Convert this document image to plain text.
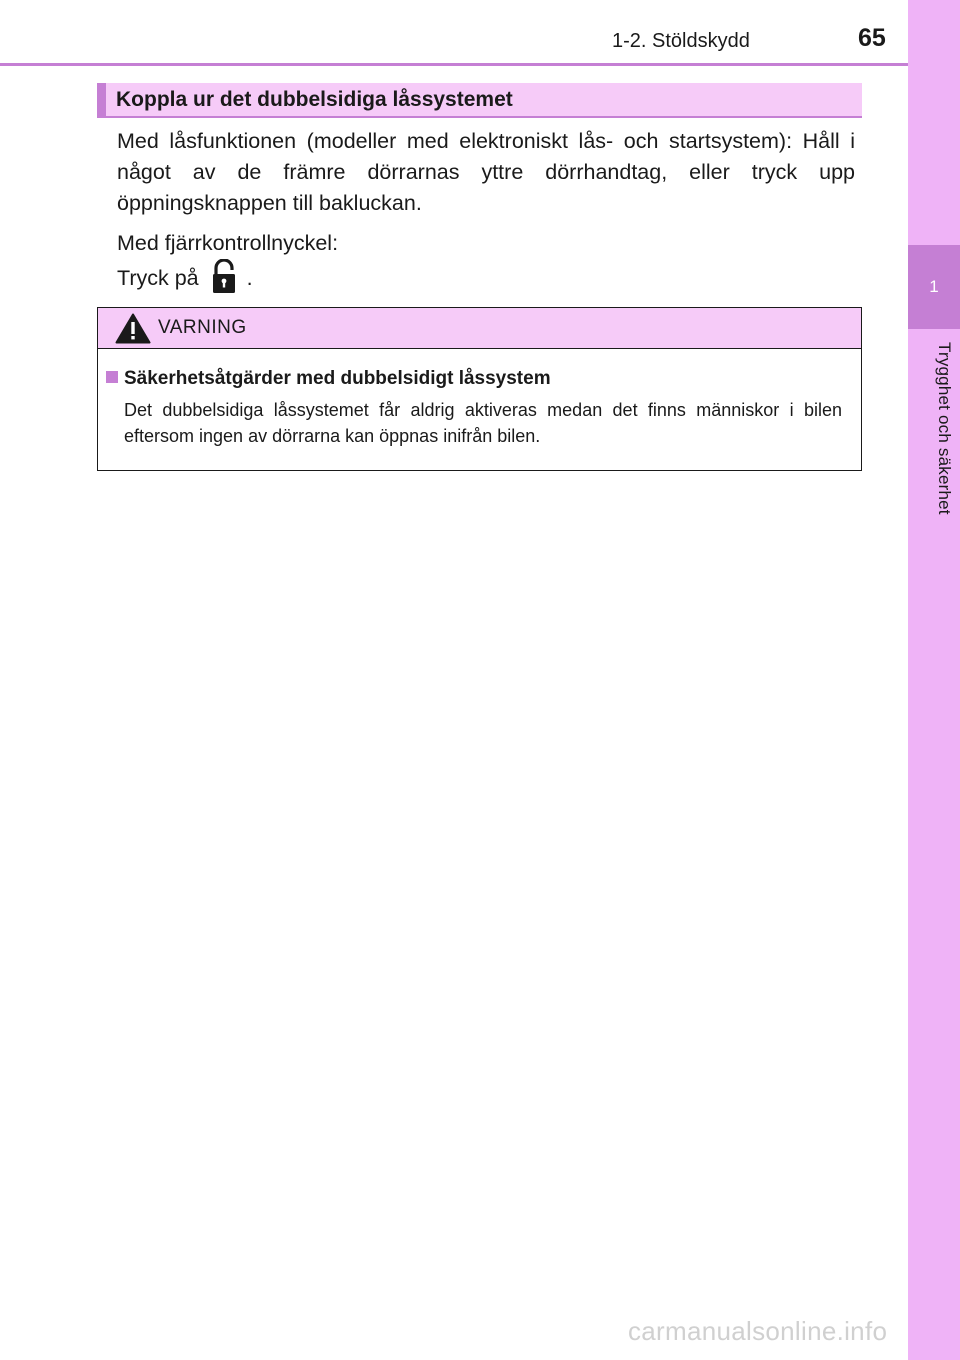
1-2. Stöldskydd	65
1
Trygghet och säkerhet
Koppla ur det dubbelsidiga låssystemet
Med låsfunktionen (modeller med elektroniskt lås- och startsystem): Håll i något av de främre dörrarnas yttre dörrhandtag, eller tryck upp öppningsknappen till bakluckan.
Med fjärrkontrollnyckel:
Tryck på .
VARNING
Säkerhetsåtgärder med dubbelsidigt låssystem
Det dubbelsidiga låssystemet får aldrig aktiveras medan det finns människor i bilen eftersom ingen av dörrarna kan öppnas inifrån bilen.
carmanualsonline.info
